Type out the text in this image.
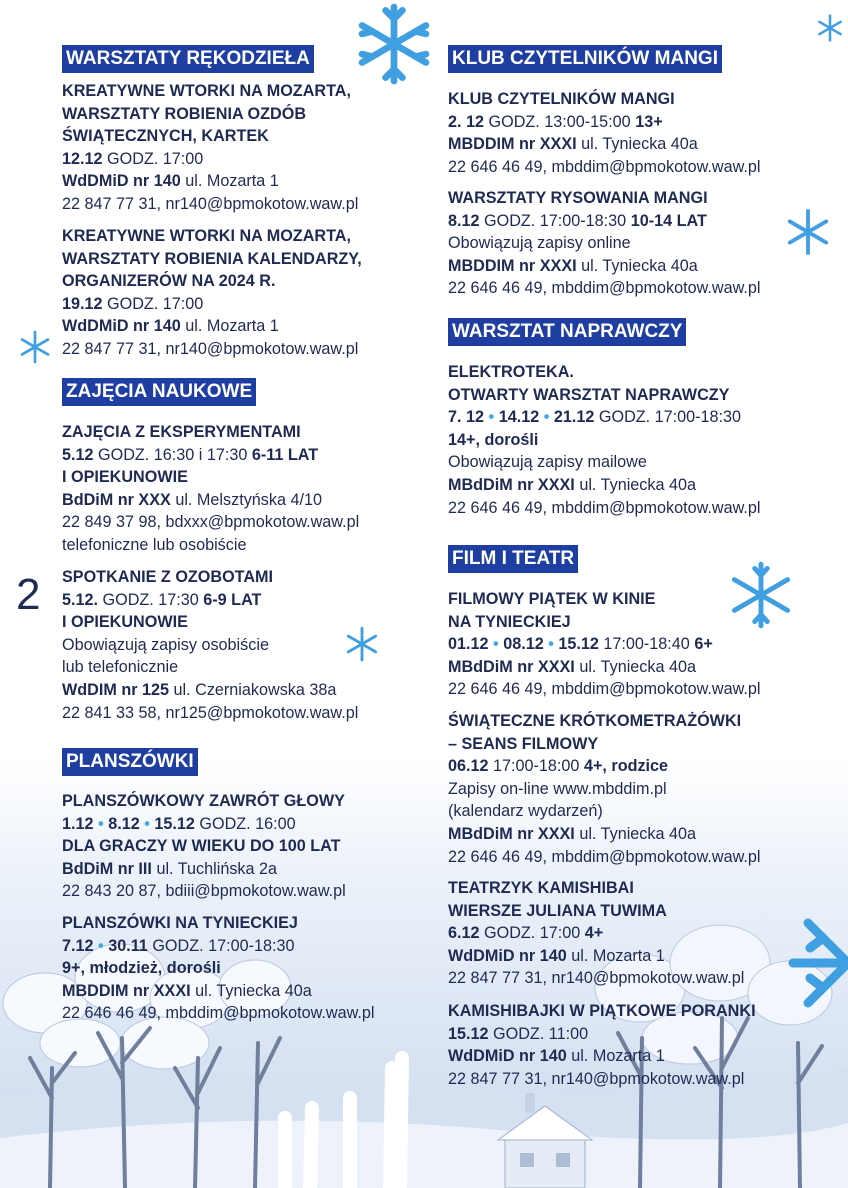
2
WARSZTATY RĘKODZIEŁA
KREATYWNE WTORKI NA MOZARTA,
WARSZTATY ROBIENIA OZDÓB
ŚWIĄTECZNYCH, KARTEK
12.12 GODZ. 17:00
WdDMiD nr 140 ul. Mozarta 1
22 847 77 31, nr140@bpmokotow.waw.pl
KREATYWNE WTORKI NA MOZARTA,
WARSZTATY ROBIENIA KALENDARZY,
ORGANIZERÓW NA 2024 R.
19.12 GODZ. 17:00
WdDMiD nr 140 ul. Mozarta 1
22 847 77 31, nr140@bpmokotow.waw.pl
ZAJĘCIA NAUKOWE
ZAJĘCIA Z EKSPERYMENTAMI
5.12 GODZ. 16:30 i 17:30 6-11 LAT
I OPIEKUNOWIE
BdDiM nr XXX ul. Melsztyńska 4/10
22 849 37 98, bdxxx@bpmokotow.waw.pl
telefoniczne lub osobiście
SPOTKANIE Z OZOBOTAMI
5.12. GODZ. 17:30 6-9 LAT
I OPIEKUNOWIE
Obowiązują zapisy osobiście
lub telefonicznie
WdDIM nr 125 ul. Czerniakowska 38a
22 841 33 58, nr125@bpmokotow.waw.pl
PLANSZÓWKI
PLANSZÓWKOWY ZAWRÓT GŁOWY
1.12 • 8.12 • 15.12 GODZ. 16:00
DLA GRACZY W WIEKU DO 100 LAT
BdDiM nr III ul. Tuchlińska 2a
22 843 20 87, bdiii@bpmokotow.waw.pl
PLANSZÓWKI NA TYNIECKIEJ
7.12 • 30.11 GODZ. 17:00-18:30
9+, młodzież, dorośli
MBDDIM nr XXXI ul. Tyniecka 40a
22 646 46 49, mbddim@bpmokotow.waw.pl
KLUB CZYTELNIKÓW MANGI
KLUB CZYTELNIKÓW MANGI
2. 12 GODZ. 13:00-15:00 13+
MBDDIM nr XXXI ul. Tyniecka 40a
22 646 46 49, mbddim@bpmokotow.waw.pl
WARSZTATY RYSOWANIA MANGI
8.12 GODZ. 17:00-18:30 10-14 LAT
Obowiązują zapisy online
MBDDIM nr XXXI ul. Tyniecka 40a
22 646 46 49, mbddim@bpmokotow.waw.pl
WARSZTAT NAPRAWCZY
ELEKTROTEKA.
OTWARTY WARSZTAT NAPRAWCZY
7. 12 • 14.12 • 21.12 GODZ. 17:00-18:30
14+, dorośli
Obowiązują zapisy mailowe
MBdDiM nr XXXI ul. Tyniecka 40a
22 646 46 49, mbddim@bpmokotow.waw.pl
FILM I TEATR
FILMOWY PIĄTEK W KINIE
NA TYNIECKIEJ
01.12 • 08.12 • 15.12 17:00-18:40 6+
MBdDiM nr XXXI ul. Tyniecka 40a
22 646 46 49, mbddim@bpmokotow.waw.pl
ŚWIĄTECZNE KRÓTKOMETRAŻÓWKI
– SEANS FILMOWY
06.12 17:00-18:00 4+, rodzice
Zapisy on-line www.mbddim.pl
(kalendarz wydarzeń)
MBdDiM nr XXXI ul. Tyniecka 40a
22 646 46 49, mbddim@bpmokotow.waw.pl
TEATRZYK KAMISHIBAI
WIERSZE JULIANA TUWIMA
6.12 GODZ. 17:00 4+
WdDMiD nr 140 ul. Mozarta 1
22 847 77 31, nr140@bpmokotow.waw.pl
KAMISHIBAJKI W PIĄTKOWE PORANKI
15.12 GODZ. 11:00
WdDMiD nr 140 ul. Mozarta 1
22 847 77 31, nr140@bpmokotow.waw.pl
